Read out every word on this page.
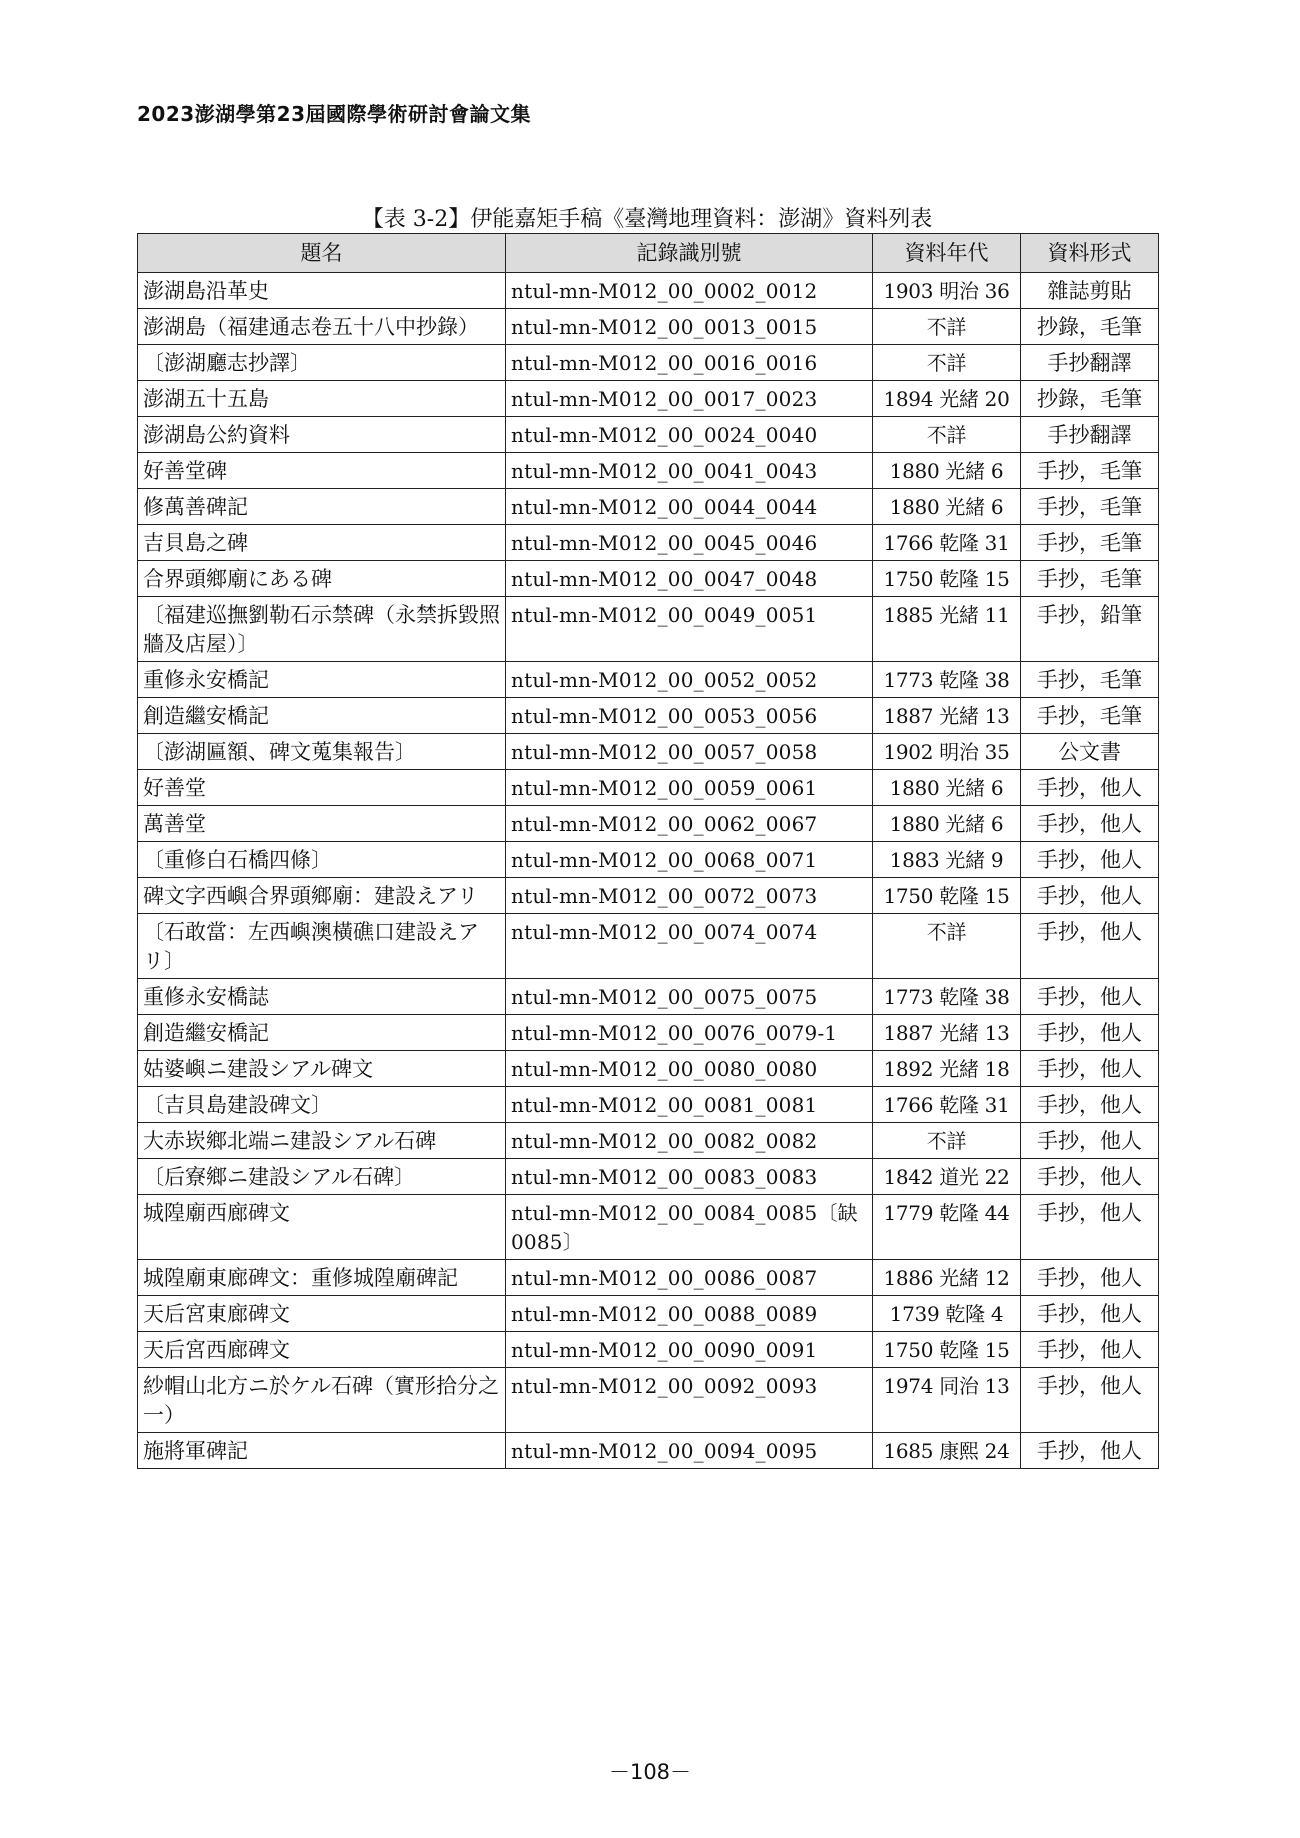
2023澎湖學第23屆國際學術研討會論文集
【表 3-2】伊能嘉矩手稿《臺灣地理資料：澎湖》資料列表
題名	記錄識別號	資料年代	資料形式
澎湖島沿革史	ntul-mn-M012_00_0002_0012	1903 明治 36	雜誌剪貼
澎湖島（福建通志卷五十八中抄錄）	ntul-mn-M012_00_0013_0015	不詳	抄錄，毛筆
〔澎湖廳志抄譯〕	ntul-mn-M012_00_0016_0016	不詳	手抄翻譯
澎湖五十五島	ntul-mn-M012_00_0017_0023	1894 光緒 20	抄錄，毛筆
澎湖島公約資料	ntul-mn-M012_00_0024_0040	不詳	手抄翻譯
好善堂碑	ntul-mn-M012_00_0041_0043	1880 光緒 6	手抄，毛筆
修萬善碑記	ntul-mn-M012_00_0044_0044	1880 光緒 6	手抄，毛筆
吉貝島之碑	ntul-mn-M012_00_0045_0046	1766 乾隆 31	手抄，毛筆
合界頭鄉廟にある碑	ntul-mn-M012_00_0047_0048	1750 乾隆 15	手抄，毛筆
〔福建巡撫劉勒石示禁碑（永禁拆毀照牆及店屋）〕	ntul-mn-M012_00_0049_0051	1885 光緒 11	手抄，鉛筆
重修永安橋記	ntul-mn-M012_00_0052_0052	1773 乾隆 38	手抄，毛筆
創造繼安橋記	ntul-mn-M012_00_0053_0056	1887 光緒 13	手抄，毛筆
〔澎湖匾額、碑文蒐集報告〕	ntul-mn-M012_00_0057_0058	1902 明治 35	公文書
好善堂	ntul-mn-M012_00_0059_0061	1880 光緒 6	手抄，他人
萬善堂	ntul-mn-M012_00_0062_0067	1880 光緒 6	手抄，他人
〔重修白石橋四條〕	ntul-mn-M012_00_0068_0071	1883 光緒 9	手抄，他人
碑文字西嶼合界頭鄉廟：建設えアリ	ntul-mn-M012_00_0072_0073	1750 乾隆 15	手抄，他人
〔石敢當：左西嶼澳橫礁口建設えアリ〕	ntul-mn-M012_00_0074_0074	不詳	手抄，他人
重修永安橋誌	ntul-mn-M012_00_0075_0075	1773 乾隆 38	手抄，他人
創造繼安橋記	ntul-mn-M012_00_0076_0079-1	1887 光緒 13	手抄，他人
姑婆嶼ニ建設シアル碑文	ntul-mn-M012_00_0080_0080	1892 光緒 18	手抄，他人
〔吉貝島建設碑文〕	ntul-mn-M012_00_0081_0081	1766 乾隆 31	手抄，他人
大赤崁鄉北端ニ建設シアル石碑	ntul-mn-M012_00_0082_0082	不詳	手抄，他人
〔后寮鄉ニ建設シアル石碑〕	ntul-mn-M012_00_0083_0083	1842 道光 22	手抄，他人
城隍廟西廊碑文	ntul-mn-M012_00_0084_0085〔缺 0085〕	1779 乾隆 44	手抄，他人
城隍廟東廊碑文：重修城隍廟碑記	ntul-mn-M012_00_0086_0087	1886 光緒 12	手抄，他人
天后宮東廊碑文	ntul-mn-M012_00_0088_0089	1739 乾隆 4	手抄，他人
天后宮西廊碑文	ntul-mn-M012_00_0090_0091	1750 乾隆 15	手抄，他人
紗帽山北方ニ於ケル石碑（實形拾分之一）	ntul-mn-M012_00_0092_0093	1974 同治 13	手抄，他人
施將軍碑記	ntul-mn-M012_00_0094_0095	1685 康熙 24	手抄，他人
－108－
